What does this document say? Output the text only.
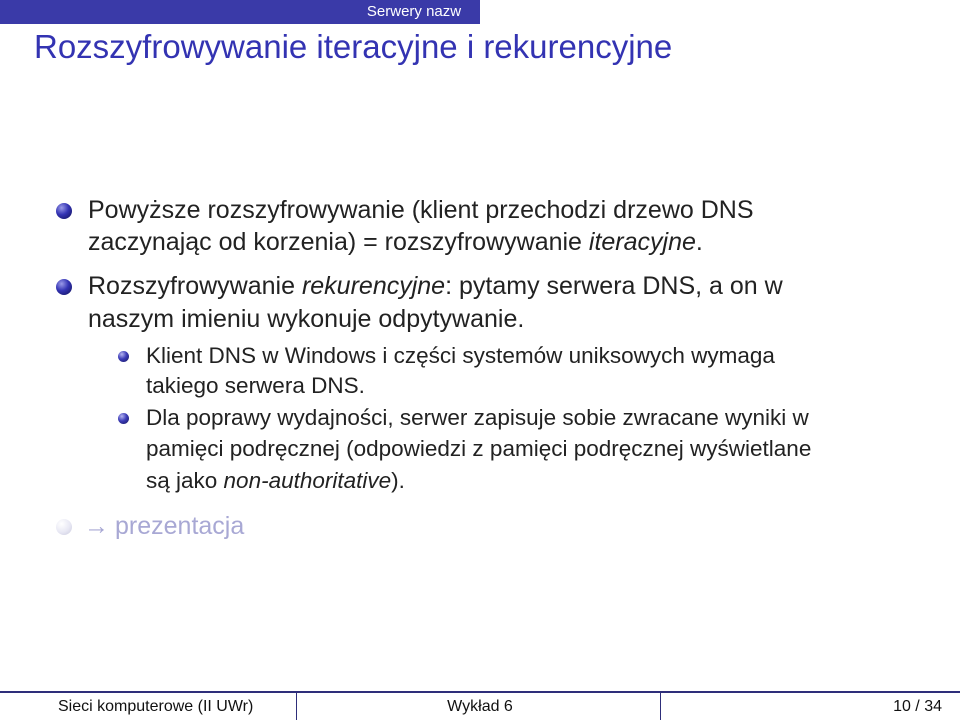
Serwery nazw
Rozszyfrowywanie iteracyjne i rekurencyjne
Powyższe rozszyfrowywanie (klient przechodzi drzewo DNS
zaczynając od korzenia) = rozszyfrowywanie iteracyjne.
Rozszyfrowywanie rekurencyjne: pytamy serwera DNS, a on w
naszym imieniu wykonuje odpytywanie.
Klient DNS w Windows i części systemów uniksowych wymaga
takiego serwera DNS.
Dla poprawy wydajności, serwer zapisuje sobie zwracane wyniki w
pamięci podręcznej (odpowiedzi z pamięci podręcznej wyświetlane
są jako non-authoritative).
→ prezentacja
Sieci komputerowe (II UWr)	Wykład 6	10 / 34
